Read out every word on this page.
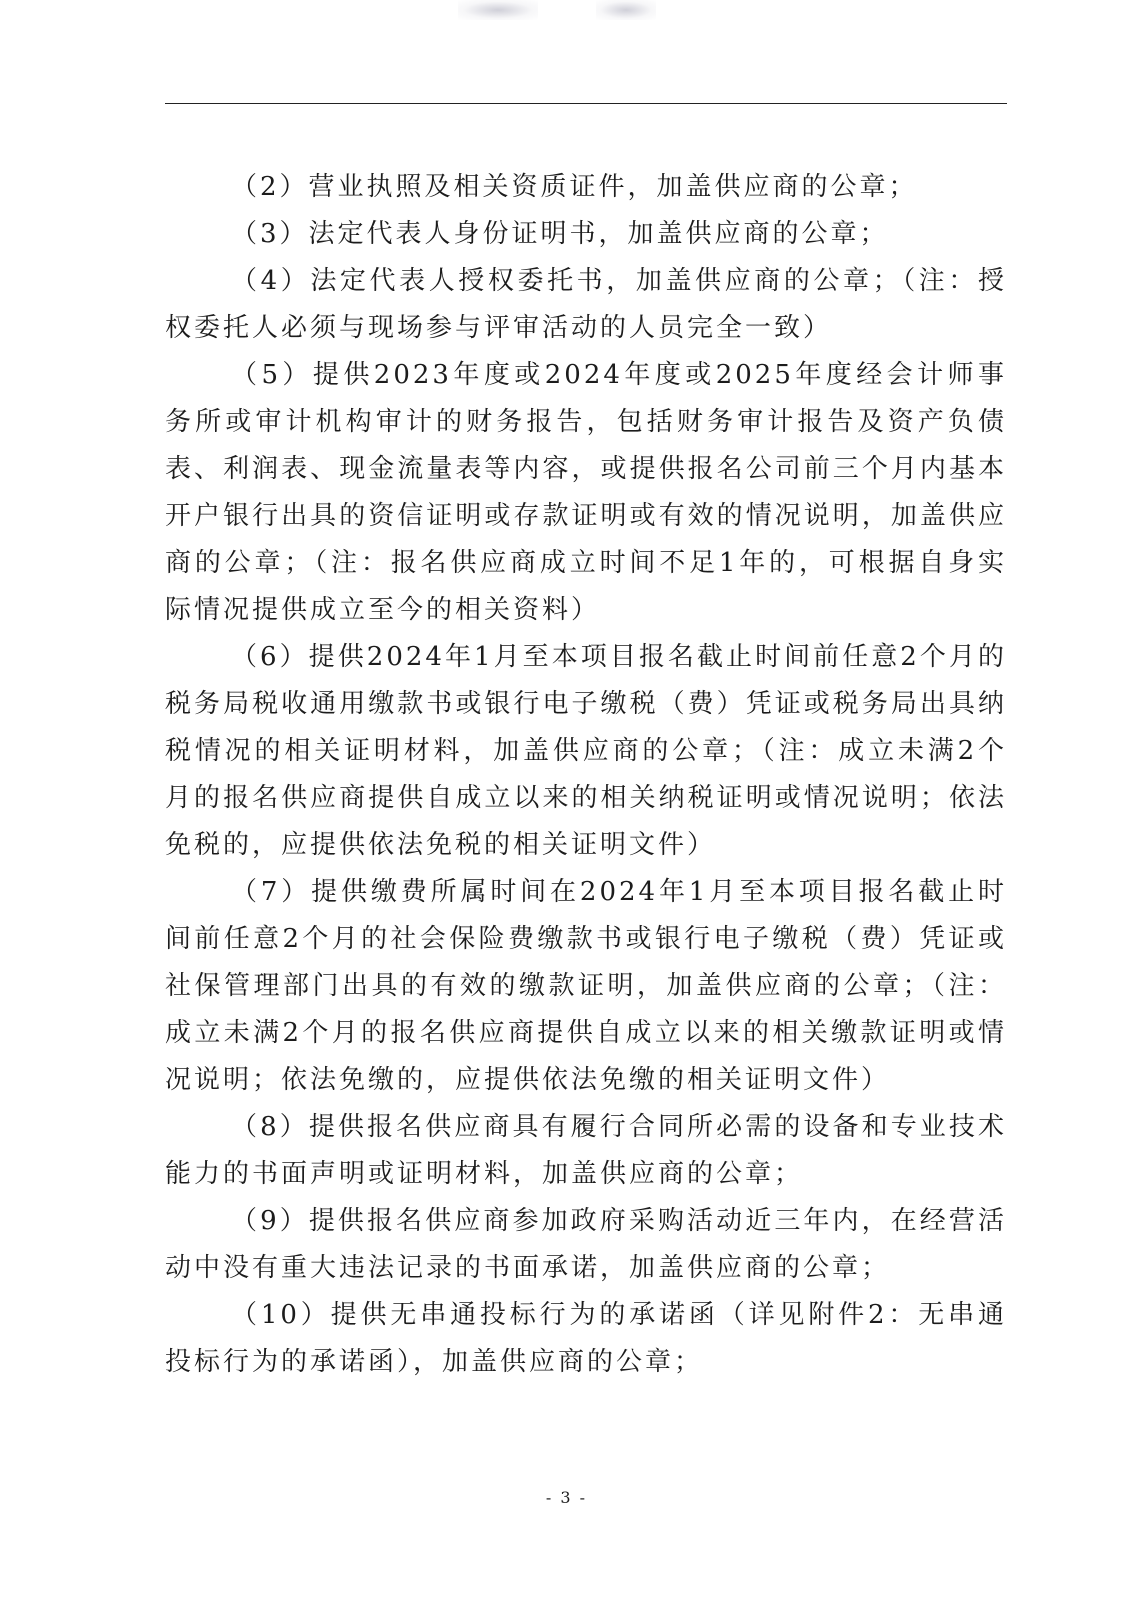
（2）营业执照及相关资质证件，加盖供应商的公章；

（3）法定代表人身份证明书，加盖供应商的公章；

（4）法定代表人授权委托书，加盖供应商的公章；（注：授权委托人必须与现场参与评审活动的人员完全一致）

（5）提供2023年度或2024年度或2025年度经会计师事务所或审计机构审计的财务报告，包括财务审计报告及资产负债表、利润表、现金流量表等内容，或提供报名公司前三个月内基本开户银行出具的资信证明或存款证明或有效的情况说明，加盖供应商的公章；（注：报名供应商成立时间不足1年的，可根据自身实际情况提供成立至今的相关资料）

（6）提供2024年1月至本项目报名截止时间前任意2个月的税务局税收通用缴款书或银行电子缴税（费）凭证或税务局出具纳税情况的相关证明材料，加盖供应商的公章；（注：成立未满2个月的报名供应商提供自成立以来的相关纳税证明或情况说明；依法免税的，应提供依法免税的相关证明文件）

（7）提供缴费所属时间在2024年1月至本项目报名截止时间前任意2个月的社会保险费缴款书或银行电子缴税（费）凭证或社保管理部门出具的有效的缴款证明，加盖供应商的公章；（注：成立未满2个月的报名供应商提供自成立以来的相关缴款证明或情况说明；依法免缴的，应提供依法免缴的相关证明文件）

（8）提供报名供应商具有履行合同所必需的设备和专业技术能力的书面声明或证明材料，加盖供应商的公章；

（9）提供报名供应商参加政府采购活动近三年内，在经营活动中没有重大违法记录的书面承诺，加盖供应商的公章；

（10）提供无串通投标行为的承诺函（详见附件2：无串通投标行为的承诺函），加盖供应商的公章；

- 3 -
